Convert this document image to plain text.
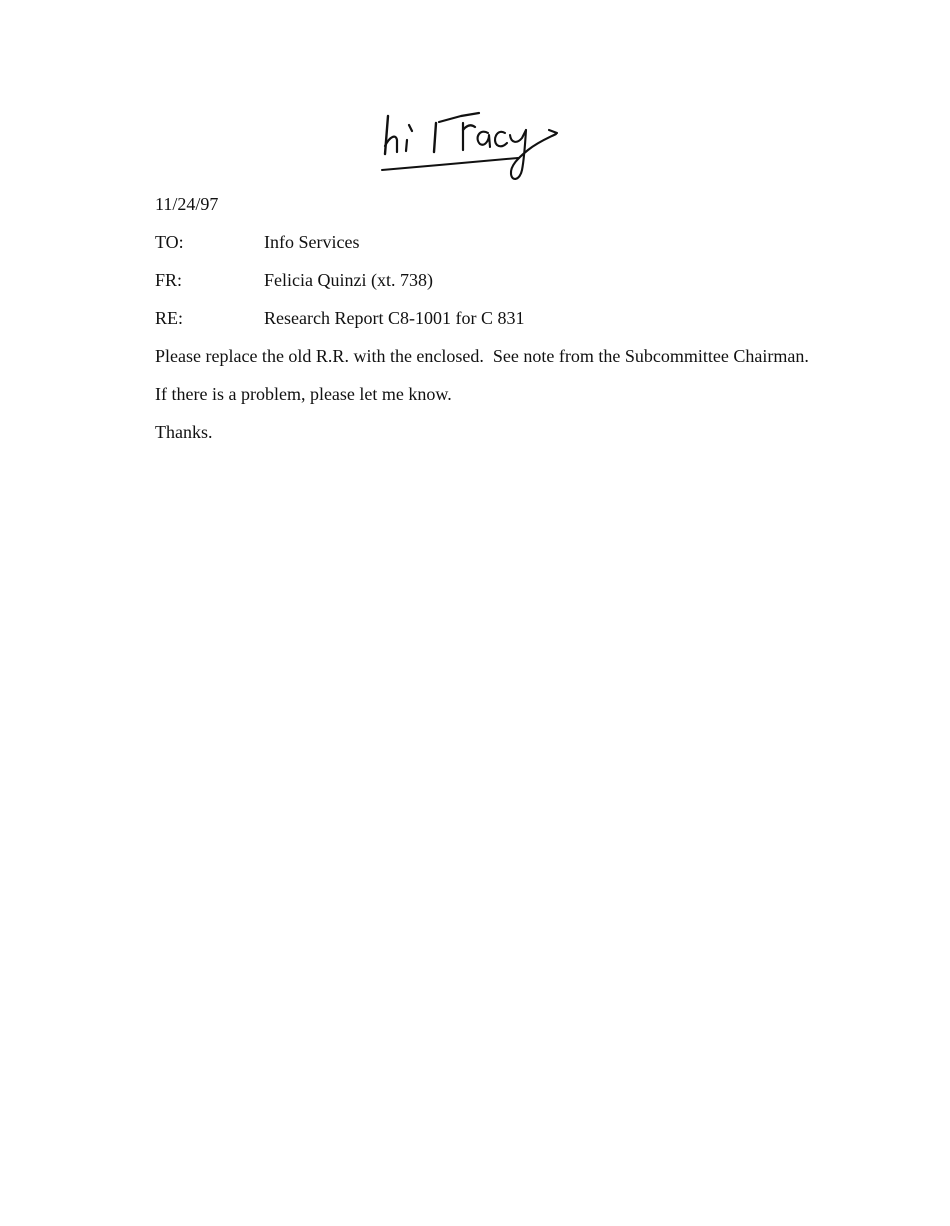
11/24/97
TO:	Info Services
FR:	Felicia Quinzi (xt. 738)
RE:	Research Report C8-1001 for C 831
Please replace the old R.R. with the enclosed.  See note from the Subcommittee Chairman.
If there is a problem, please let me know.
Thanks.
